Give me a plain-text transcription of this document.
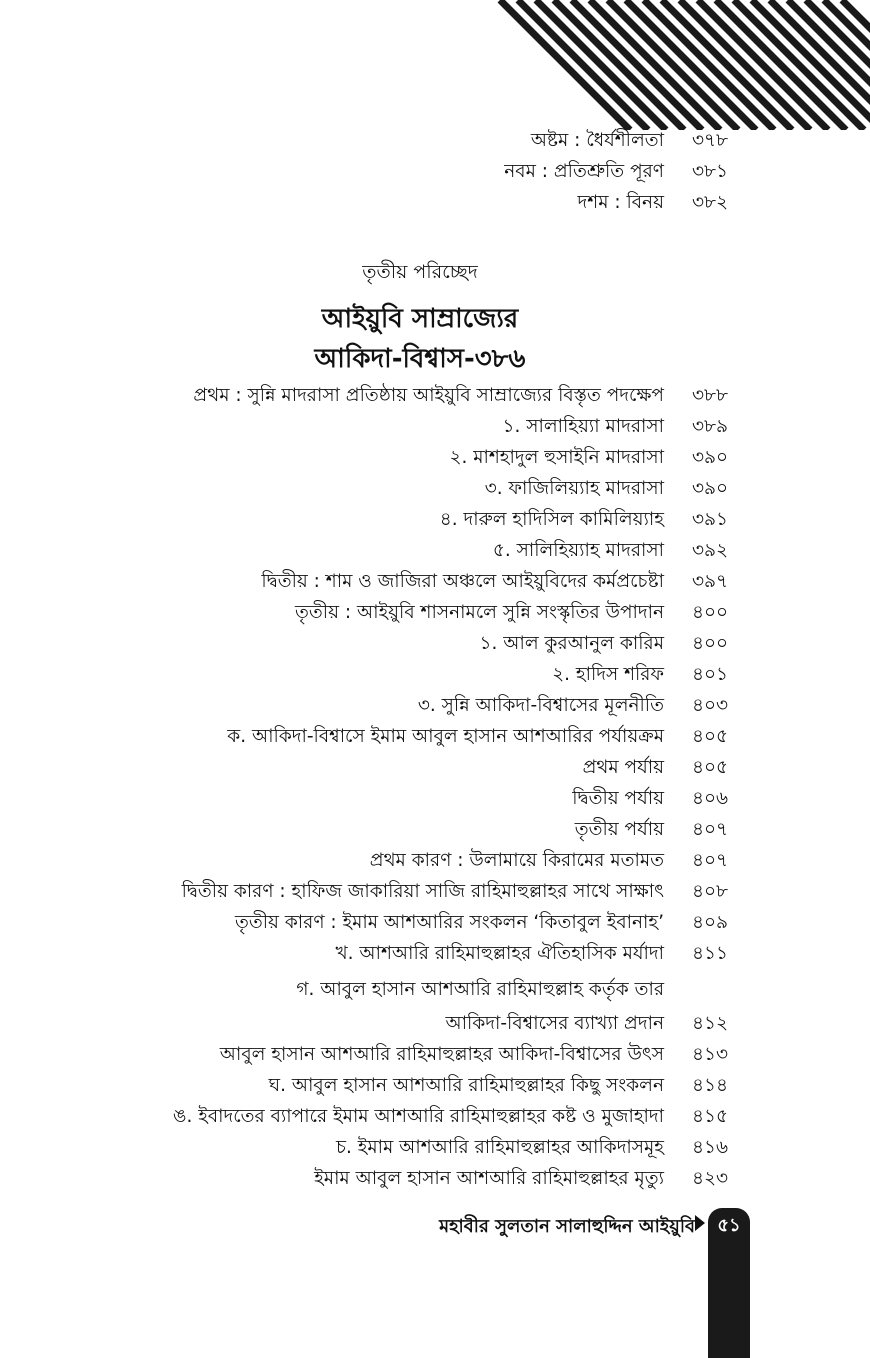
অষ্টম : ধৈর্যশীলতা	৩৭৮
নবম : প্রতিশ্রুতি পূরণ	৩৮১
দশম : বিনয়	৩৮২
তৃতীয় পরিচ্ছেদ
আইয়ুবি সাম্রাজ্যের
আকিদা-বিশ্বাস-৩৮৬
প্রথম : সুন্নি মাদরাসা প্রতিষ্ঠায় আইয়ুবি সাম্রাজ্যের বিস্তৃত পদক্ষেপ	৩৮৮
১. সালাহিয়্যা মাদরাসা	৩৮৯
২. মাশহাদুল হুসাইনি মাদরাসা	৩৯০
৩. ফাজিলিয়্যাহ মাদরাসা	৩৯০
৪. দারুল হাদিসিল কামিলিয়্যাহ	৩৯১
৫. সালিহিয়্যাহ মাদরাসা	৩৯২
দ্বিতীয় : শাম ও জাজিরা অঞ্চলে আইয়ুবিদের কর্মপ্রচেষ্টা	৩৯৭
তৃতীয় : আইয়ুবি শাসনামলে সুন্নি সংস্কৃতির উপাদান	৪০০
১. আল কুরআনুল কারিম	৪০০
২. হাদিস শরিফ	৪০১
৩. সুন্নি আকিদা-বিশ্বাসের মূলনীতি	৪০৩
ক. আকিদা-বিশ্বাসে ইমাম আবুল হাসান আশআরির পর্যায়ক্রম	৪০৫
প্রথম পর্যায়	৪০৫
দ্বিতীয় পর্যায়	৪০৬
তৃতীয় পর্যায়	৪০৭
প্রথম কারণ : উলামায়ে কিরামের মতামত	৪০৭
দ্বিতীয় কারণ : হাফিজ জাকারিয়া সাজি রাহিমাহুল্লাহর সাথে সাক্ষাৎ	৪০৮
তৃতীয় কারণ : ইমাম আশআরির সংকলন ‘কিতাবুল ইবানাহ’	৪০৯
খ. আশআরি রাহিমাহুল্লাহর ঐতিহাসিক মর্যাদা	৪১১
গ. আবুল হাসান আশআরি রাহিমাহুল্লাহ কর্তৃক তার
আকিদা-বিশ্বাসের ব্যাখ্যা প্রদান	৪১২
আবুল হাসান আশআরি রাহিমাহুল্লাহর আকিদা-বিশ্বাসের উৎস	৪১৩
ঘ. আবুল হাসান আশআরি রাহিমাহুল্লাহর কিছু সংকলন	৪১৪
ঙ. ইবাদতের ব্যাপারে ইমাম আশআরি রাহিমাহুল্লাহর কষ্ট ও মুজাহাদা	৪১৫
চ. ইমাম আশআরি রাহিমাহুল্লাহর আকিদাসমূহ	৪১৬
ইমাম আবুল হাসান আশআরি রাহিমাহুল্লাহর মৃত্যু	৪২৩
মহাবীর সুলতান সালাহুদ্দিন আইয়ুবি	৫১
